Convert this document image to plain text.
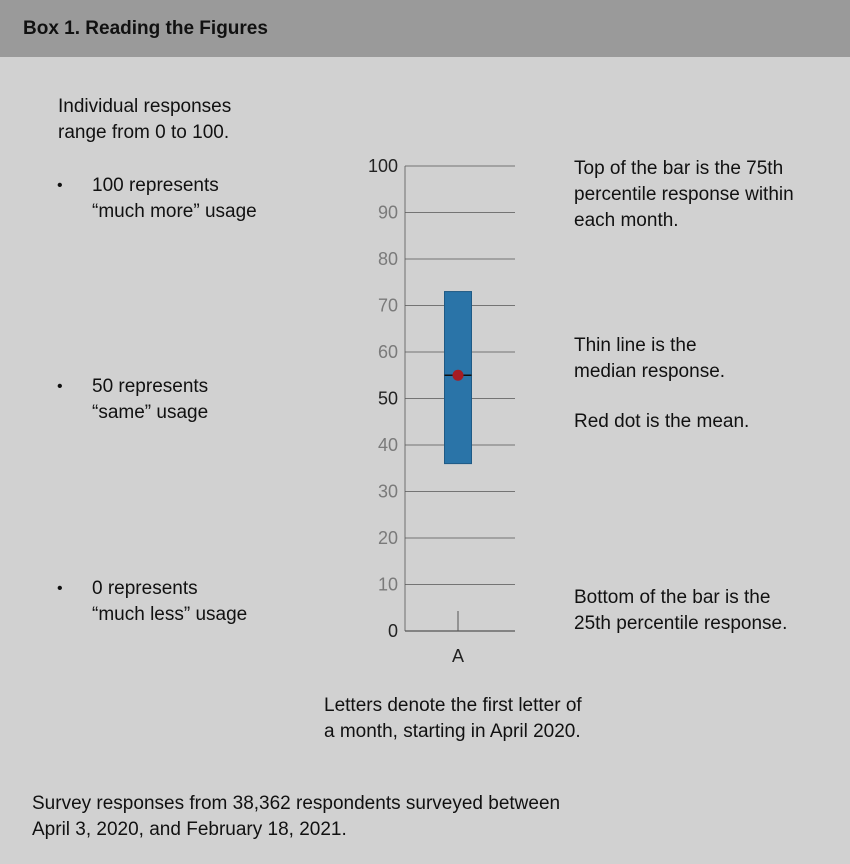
Box 1. Reading the Figures
Individual responses
range from 0 to 100.
• 100 represents
“much more” usage
• 50 represents
“same” usage
• 0 represents
“much less” usage
Top of the bar is the 75th
percentile response within
each month.
Thin line is the
median response.
Red dot is the mean.
Bottom of the bar is the
25th percentile response.
Letters denote the first letter of
a month, starting in April 2020.
Survey responses from 38,362 respondents surveyed between
April 3, 2020, and February 18, 2021.
0
10
20
30
40
50
60
70
80
90
100
A
